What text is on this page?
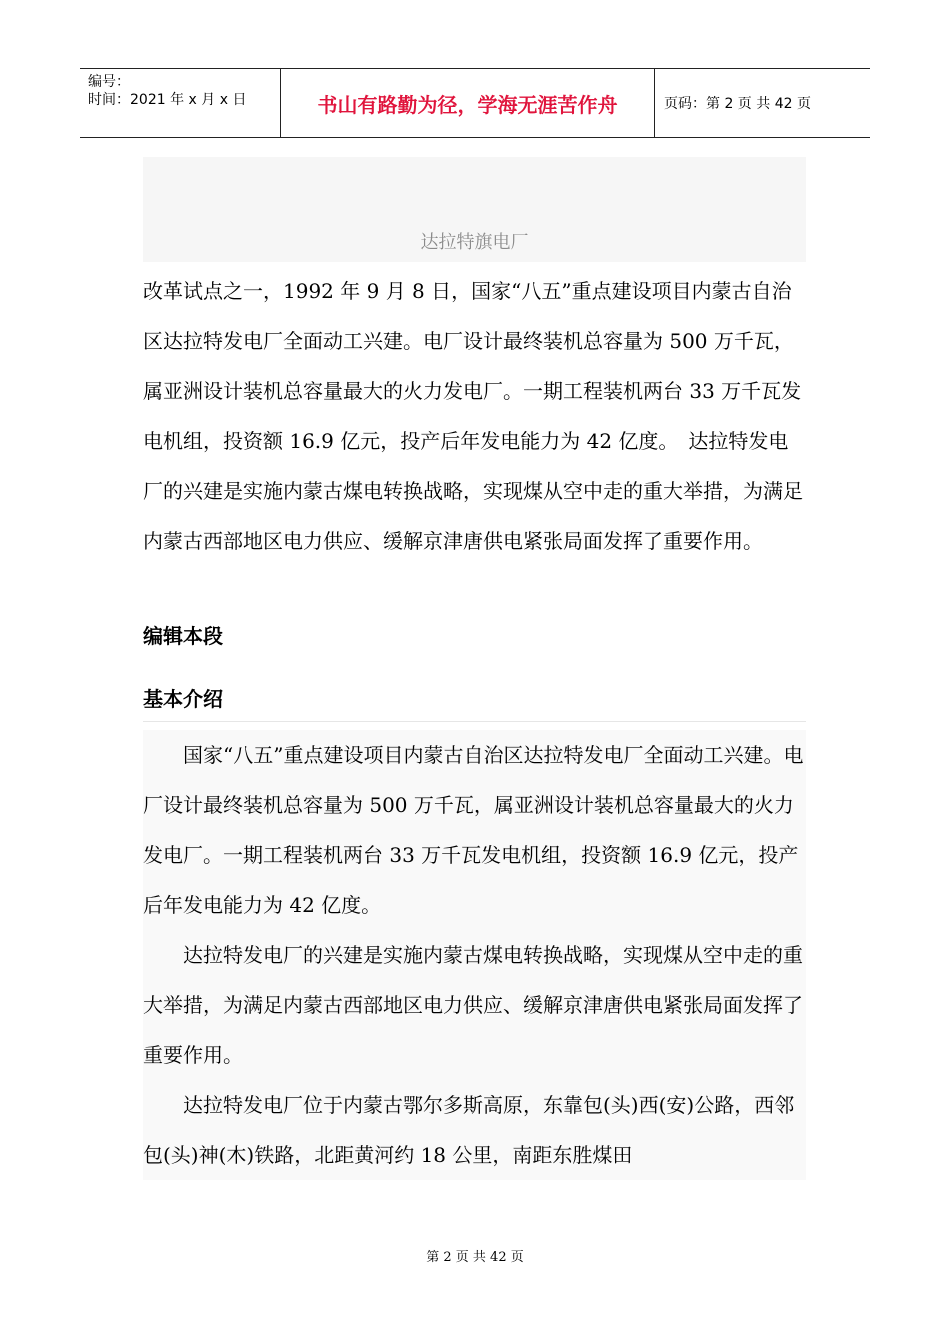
编号：
时间：2021 年 x 月 x 日	书山有路勤为径，学海无涯苦作舟	页码：第 2 页 共 42 页
达拉特旗电厂
改革试点之一，1992 年 9 月 8 日，国家“八五”重点建设项目内蒙古自治区达拉特发电厂全面动工兴建。电厂设计最终装机总容量为 500 万千瓦，属亚洲设计装机总容量最大的火力发电厂。一期工程装机两台 33 万千瓦发电机组，投资额 16.9 亿元，投产后年发电能力为 42 亿度。　达拉特发电厂的兴建是实施内蒙古煤电转换战略，实现煤从空中走的重大举措，为满足内蒙古西部地区电力供应、缓解京津唐供电紧张局面发挥了重要作用。
编辑本段
基本介绍

国家“八五”重点建设项目内蒙古自治区达拉特发电厂全面动工兴建。电厂设计最终装机总容量为 500 万千瓦，属亚洲设计装机总容量最大的火力发电厂。一期工程装机两台 33 万千瓦发电机组，投资额 16.9 亿元，投产后年发电能力为 42 亿度。

达拉特发电厂的兴建是实施内蒙古煤电转换战略，实现煤从空中走的重大举措，为满足内蒙古西部地区电力供应、缓解京津唐供电紧张局面发挥了重要作用。

达拉特发电厂位于内蒙古鄂尔多斯高原，东靠包(头)西(安)公路，西邻包(头)神(木)铁路，北距黄河约 18 公里，南距东胜煤田

第 2 页 共 42 页
